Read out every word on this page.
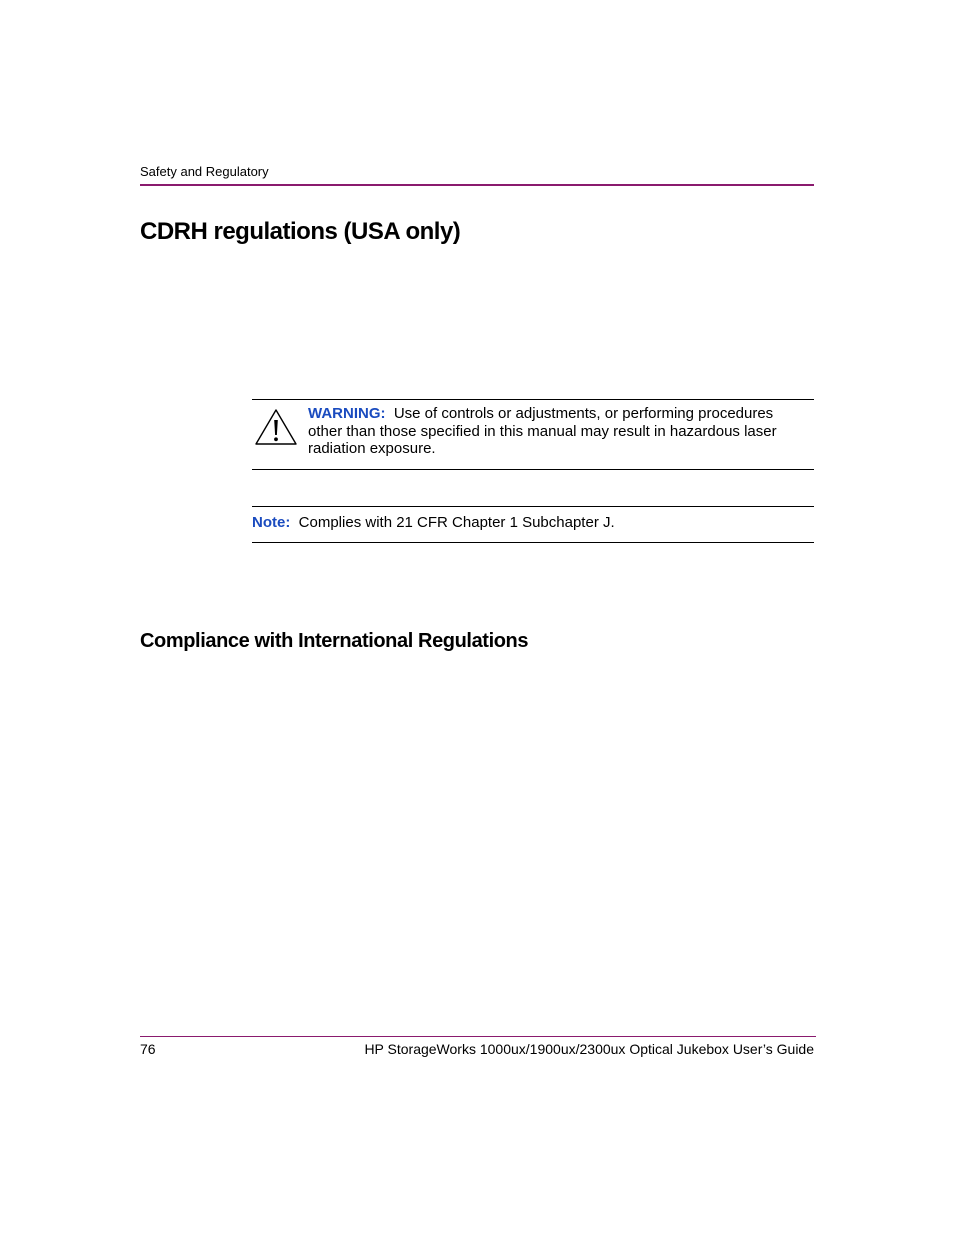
Safety and Regulatory
CDRH regulations (USA only)
WARNING: Use of controls or adjustments, or performing procedures other than those specified in this manual may result in hazardous laser radiation exposure.
Note: Complies with 21 CFR Chapter 1 Subchapter J.
Compliance with International Regulations
76	HP StorageWorks 1000ux/1900ux/2300ux Optical Jukebox User’s Guide
